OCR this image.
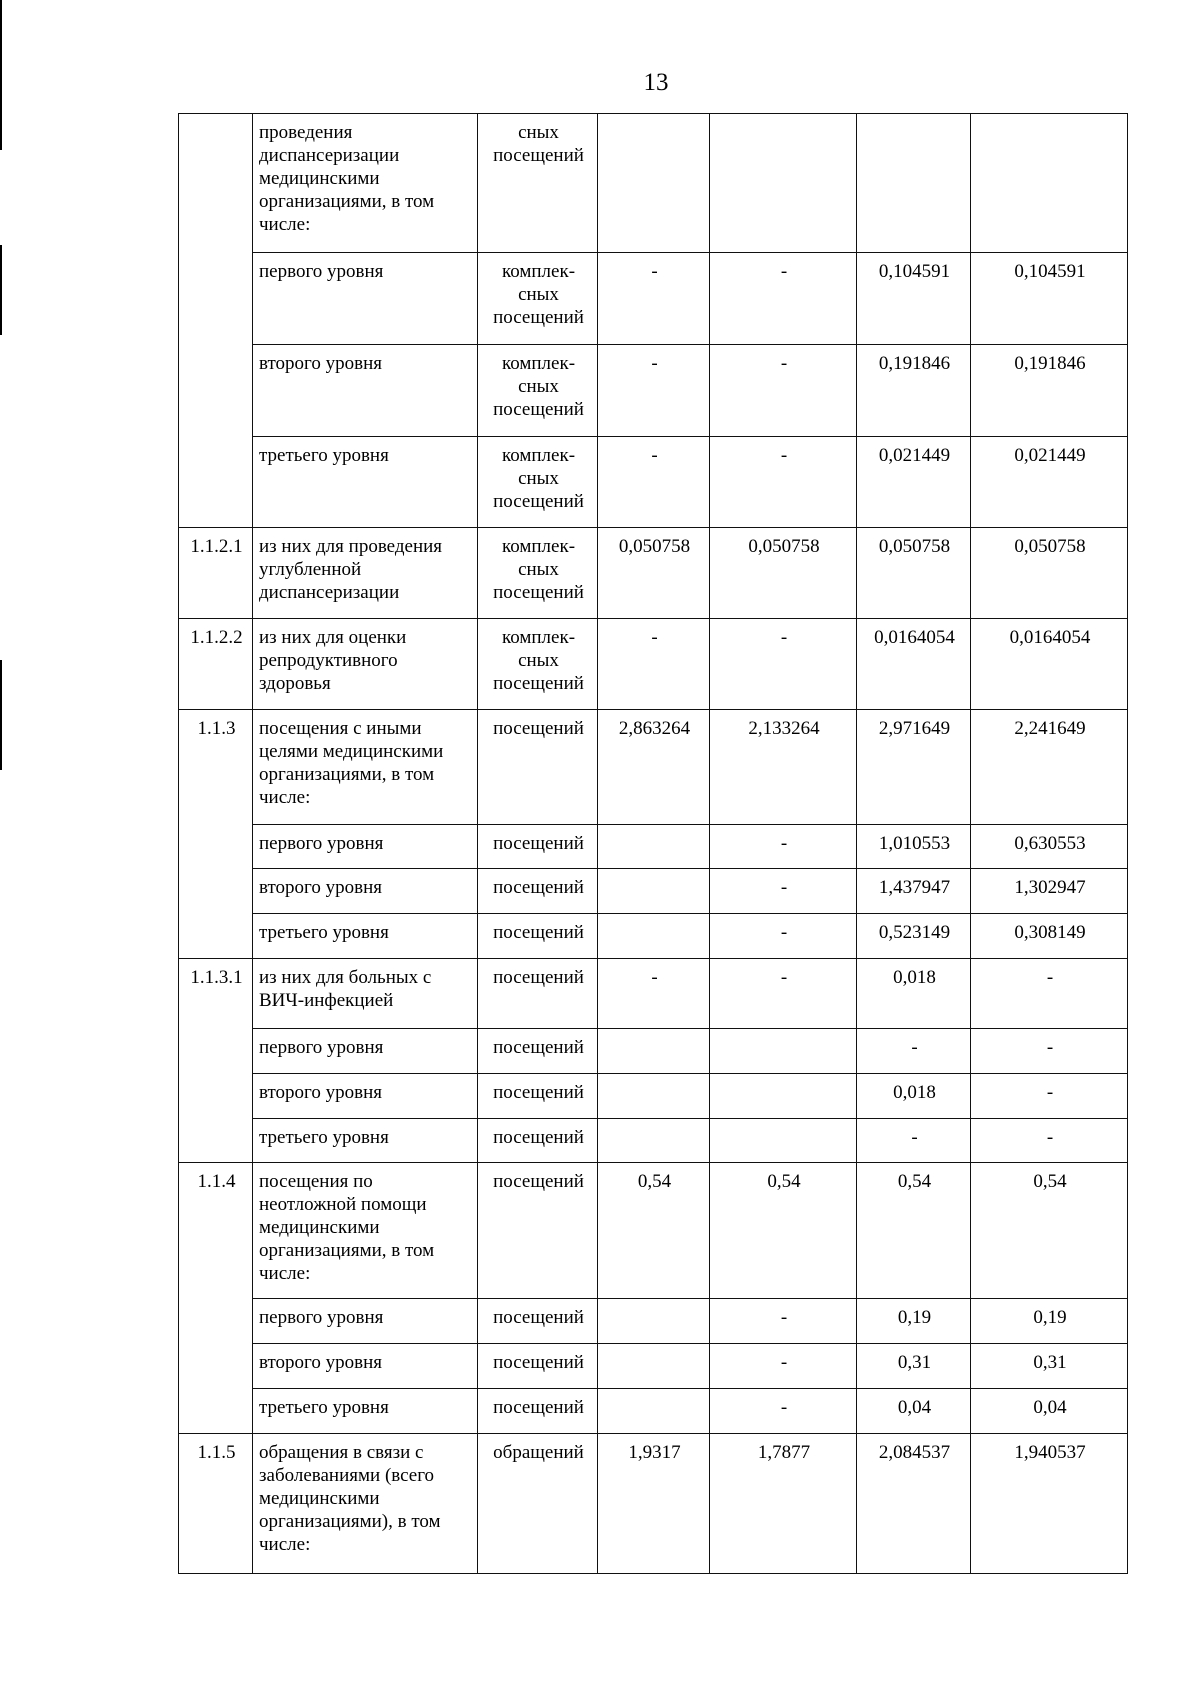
13
	проведения диспансеризации медицинскими организациями, в том числе:	сных посещений				
	первого уровня	комплек-сных посещений	-	-	0,104591	0,104591
	второго уровня	комплек-сных посещений	-	-	0,191846	0,191846
	третьего уровня	комплек-сных посещений	-	-	0,021449	0,021449
1.1.2.1	из них для проведения углубленной диспансеризации	комплек-сных посещений	0,050758	0,050758	0,050758	0,050758
1.1.2.2	из них для оценки репродуктивного здоровья	комплек-сных посещений	-	-	0,0164054	0,0164054
1.1.3	посещения с иными целями медицинскими организациями, в том числе:	посещений	2,863264	2,133264	2,971649	2,241649
	первого уровня	посещений		-	1,010553	0,630553
	второго уровня	посещений		-	1,437947	1,302947
	третьего уровня	посещений		-	0,523149	0,308149
1.1.3.1	из них для больных с ВИЧ-инфекцией	посещений	-	-	0,018	-
	первого уровня	посещений			-	-
	второго уровня	посещений			0,018	-
	третьего уровня	посещений			-	-
1.1.4	посещения по неотложной помощи медицинскими организациями, в том числе:	посещений	0,54	0,54	0,54	0,54
	первого уровня	посещений		-	0,19	0,19
	второго уровня	посещений		-	0,31	0,31
	третьего уровня	посещений		-	0,04	0,04
1.1.5	обращения в связи с заболеваниями (всего медицинскими организациями), в том числе:	обращений	1,9317	1,7877	2,084537	1,940537
